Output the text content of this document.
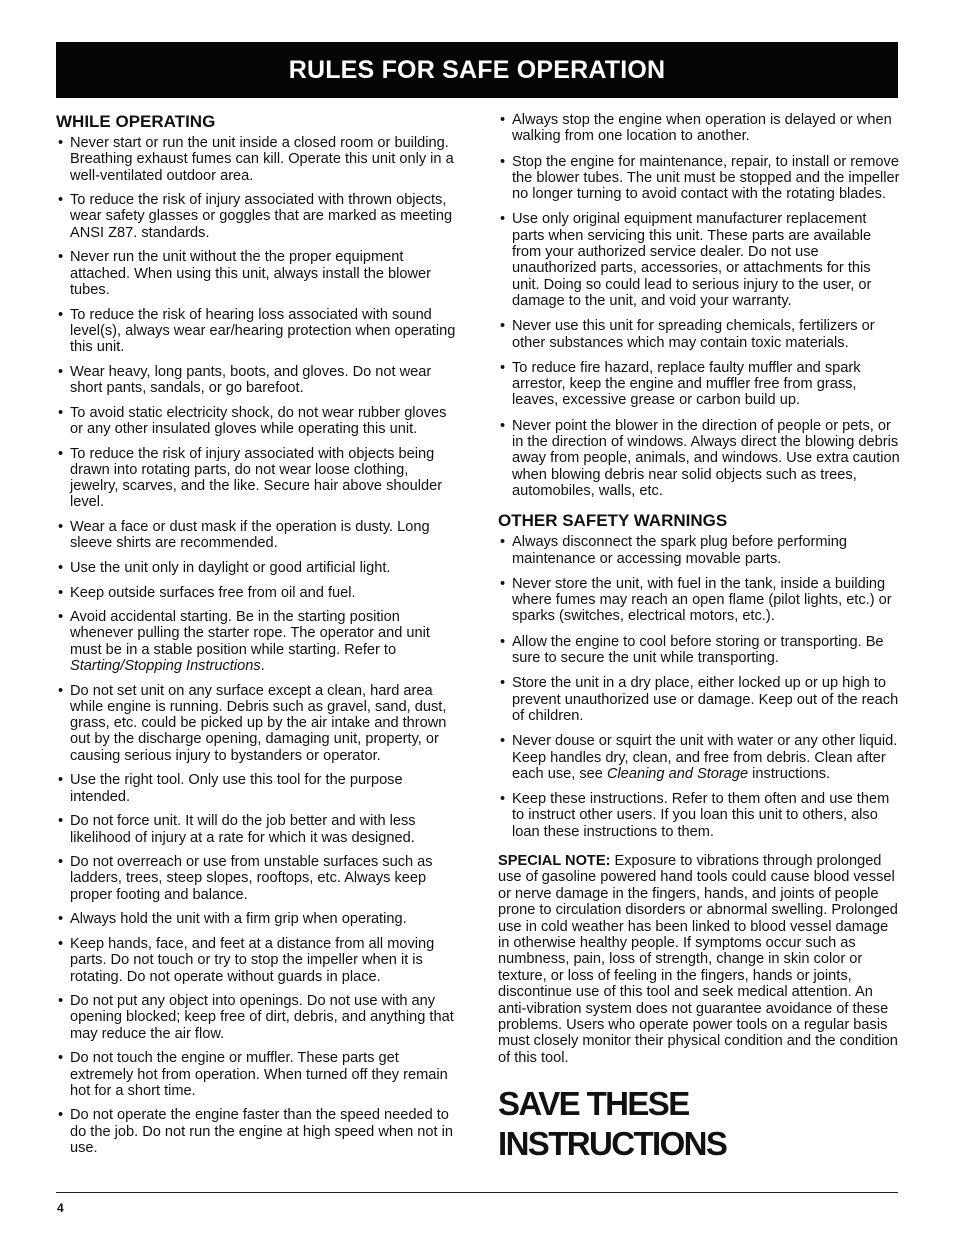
RULES FOR SAFE OPERATION
WHILE OPERATING
• Never start or run the unit inside a closed room or building. Breathing exhaust fumes can kill. Operate this unit only in a well-ventilated outdoor area.
• To reduce the risk of injury associated with thrown objects, wear safety glasses or goggles that are marked as meeting ANSI Z87. standards.
• Never run the unit without the the proper equipment attached. When using this unit, always install the blower tubes.
• To reduce the risk of hearing loss associated with sound level(s), always wear ear/hearing protection when operating this unit.
• Wear heavy, long pants, boots, and gloves. Do not wear short pants, sandals, or go barefoot.
• To avoid static electricity shock, do not wear rubber gloves or any other insulated gloves while operating this unit.
• To reduce the risk of injury associated with objects being drawn into rotating parts, do not wear loose clothing, jewelry, scarves, and the like. Secure hair above shoulder level.
• Wear a face or dust mask if the operation is dusty. Long sleeve shirts are recommended.
• Use the unit only in daylight or good artificial light.
• Keep outside surfaces free from oil and fuel.
• Avoid accidental starting. Be in the starting position whenever pulling the starter rope. The operator and unit must be in a stable position while starting. Refer to Starting/Stopping Instructions.
• Do not set unit on any surface except a clean, hard area while engine is running. Debris such as gravel, sand, dust, grass, etc. could be picked up by the air intake and thrown out by the discharge opening, damaging unit, property, or causing serious injury to bystanders or operator.
• Use the right tool. Only use this tool for the purpose intended.
• Do not force unit. It will do the job better and with less likelihood of injury at a rate for which it was designed.
• Do not overreach or use from unstable surfaces such as ladders, trees, steep slopes, rooftops, etc. Always keep proper footing and balance.
• Always hold the unit with a firm grip when operating.
• Keep hands, face, and feet at a distance from all moving parts. Do not touch or try to stop the impeller when it is rotating. Do not operate without guards in place.
• Do not put any object into openings. Do not use with any opening blocked; keep free of dirt, debris, and anything that may reduce the air flow.
• Do not touch the engine or muffler. These parts get extremely hot from operation. When turned off they remain hot for a short time.
• Do not operate the engine faster than the speed needed to do the job. Do not run the engine at high speed when not in use.
• Always stop the engine when operation is delayed or when walking from one location to another.
• Stop the engine for maintenance, repair, to install or remove the blower tubes. The unit must be stopped and the impeller no longer turning to avoid contact with the rotating blades.
• Use only original equipment manufacturer replacement parts when servicing this unit. These parts are available from your authorized service dealer. Do not use unauthorized parts, accessories, or attachments for this unit. Doing so could lead to serious injury to the user, or damage to the unit, and void your warranty.
• Never use this unit for spreading chemicals, fertilizers or other substances which may contain toxic materials.
• To reduce fire hazard, replace faulty muffler and spark arrestor, keep the engine and muffler free from grass, leaves, excessive grease or carbon build up.
• Never point the blower in the direction of people or pets, or in the direction of windows. Always direct the blowing debris away from people, animals, and windows. Use extra caution when blowing debris near solid objects such as trees, automobiles, walls, etc.
OTHER SAFETY WARNINGS
• Always disconnect the spark plug before performing maintenance or accessing movable parts.
• Never store the unit, with fuel in the tank, inside a building where fumes may reach an open flame (pilot lights, etc.) or sparks (switches, electrical motors, etc.).
• Allow the engine to cool before storing or transporting. Be sure to secure the unit while transporting.
• Store the unit in a dry place, either locked up or up high to prevent unauthorized use or damage. Keep out of the reach of children.
• Never douse or squirt the unit with water or any other liquid. Keep handles dry, clean, and free from debris. Clean after each use, see Cleaning and Storage instructions.
• Keep these instructions. Refer to them often and use them to instruct other users. If you loan this unit to others, also loan these instructions to them.
SPECIAL NOTE: Exposure to vibrations through prolonged use of gasoline powered hand tools could cause blood vessel or nerve damage in the fingers, hands, and joints of people prone to circulation disorders or abnormal swelling. Prolonged use in cold weather has been linked to blood vessel damage in otherwise healthy people. If symptoms occur such as numbness, pain, loss of strength, change in skin color or texture, or loss of feeling in the fingers, hands or joints, discontinue use of this tool and seek medical attention. An anti-vibration system does not guarantee avoidance of these problems. Users who operate power tools on a regular basis must closely monitor their physical condition and the condition of this tool.
SAVE THESE INSTRUCTIONS
4
